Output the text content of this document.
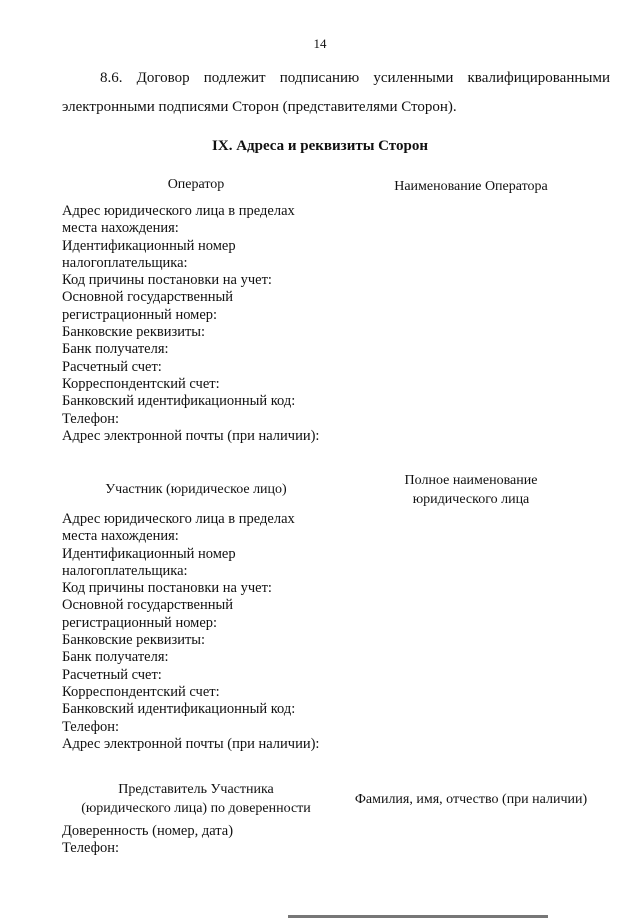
14
8.6. Договор подлежит подписанию усиленными квалифицированными
электронными подписями Сторон (представителями Сторон).
IX. Адреса и реквизиты Сторон
Оператор	Наименование Оператора
Адрес юридического лица в пределах
места нахождения:
Идентификационный номер
налогоплательщика:
Код причины постановки на учет:
Основной государственный
регистрационный номер:
Банковские реквизиты:
Банк получателя:
Расчетный счет:
Корреспондентский счет:
Банковский идентификационный код:
Телефон:
Адрес электронной почты (при наличии):
Участник (юридическое лицо)
Полное наименование
юридического лица
Адрес юридического лица в пределах
места нахождения:
Идентификационный номер
налогоплательщика:
Код причины постановки на учет:
Основной государственный
регистрационный номер:
Банковские реквизиты:
Банк получателя:
Расчетный счет:
Корреспондентский счет:
Банковский идентификационный код:
Телефон:
Адрес электронной почты (при наличии):
Представитель Участника
(юридического лица) по доверенности
Фамилия, имя, отчество (при наличии)
Доверенность (номер, дата)
Телефон:
